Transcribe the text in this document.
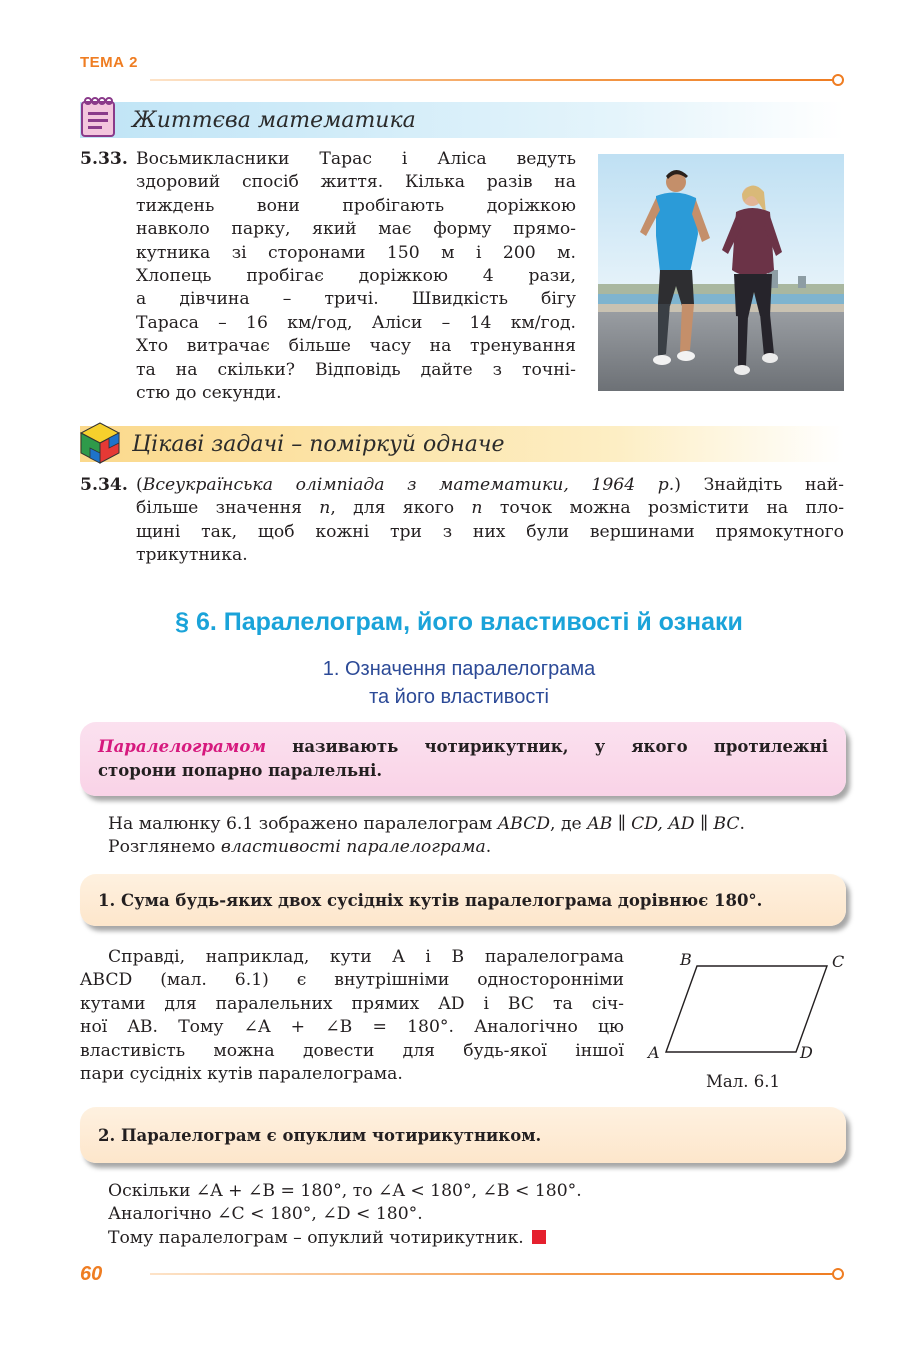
ТЕМА 2
Життєва математика
5.33. Восьмикласники Тарас і Аліса ведуть
здоровий спосіб життя. Кілька разів на
тиждень вони пробігають доріжкою
навколо парку, який має форму прямо-
кутника зі сторонами 150 м і 200 м.
Хлопець пробігає доріжкою 4 рази,
а дівчина – тричі. Швидкість бігу
Тараса – 16 км/год, Аліси – 14 км/год.
Хто витрачає більше часу на тренування
та на скільки? Відповідь дайте з точні-
стю до секунди.
Цікаві задачі – поміркуй одначе
5.34. (Всеукраїнська олімпіада з математики, 1964 р.) Знайдіть най-
більше значення n, для якого n точок можна розмістити на пло-
щині так, щоб кожні три з них були вершинами прямокутного
трикутника.
§ 6. Паралелограм, його властивості й ознаки
1. Означення паралелограма
та його властивості
Паралелограмом називають чотирикутник, у якого протилежні
сторони попарно паралельні.
На малюнку 6.1 зображено паралелограм ABCD, де AB ∥ CD, AD ∥ BC.
Розглянемо властивості паралелограма.
1. Сума будь-яких двох сусідніх кутів паралелограма дорівнює 180°.
Справді, наприклад, кути A і B паралелограма
ABCD (мал. 6.1) є внутрішніми односторонніми
кутами для паралельних прямих AD і BC та січ-
ної AB. Тому ∠A + ∠B = 180°. Аналогічно цю
властивість можна довести для будь-якої іншої
пари сусідніх кутів паралелограма.
A
B	C
D
Мал. 6.1
2. Паралелограм є опуклим чотирикутником.
Оскільки ∠A + ∠B = 180°, то ∠A < 180°, ∠B < 180°.
Аналогічно ∠C < 180°, ∠D < 180°.
Тому паралелограм – опуклий чотирикутник.
60
